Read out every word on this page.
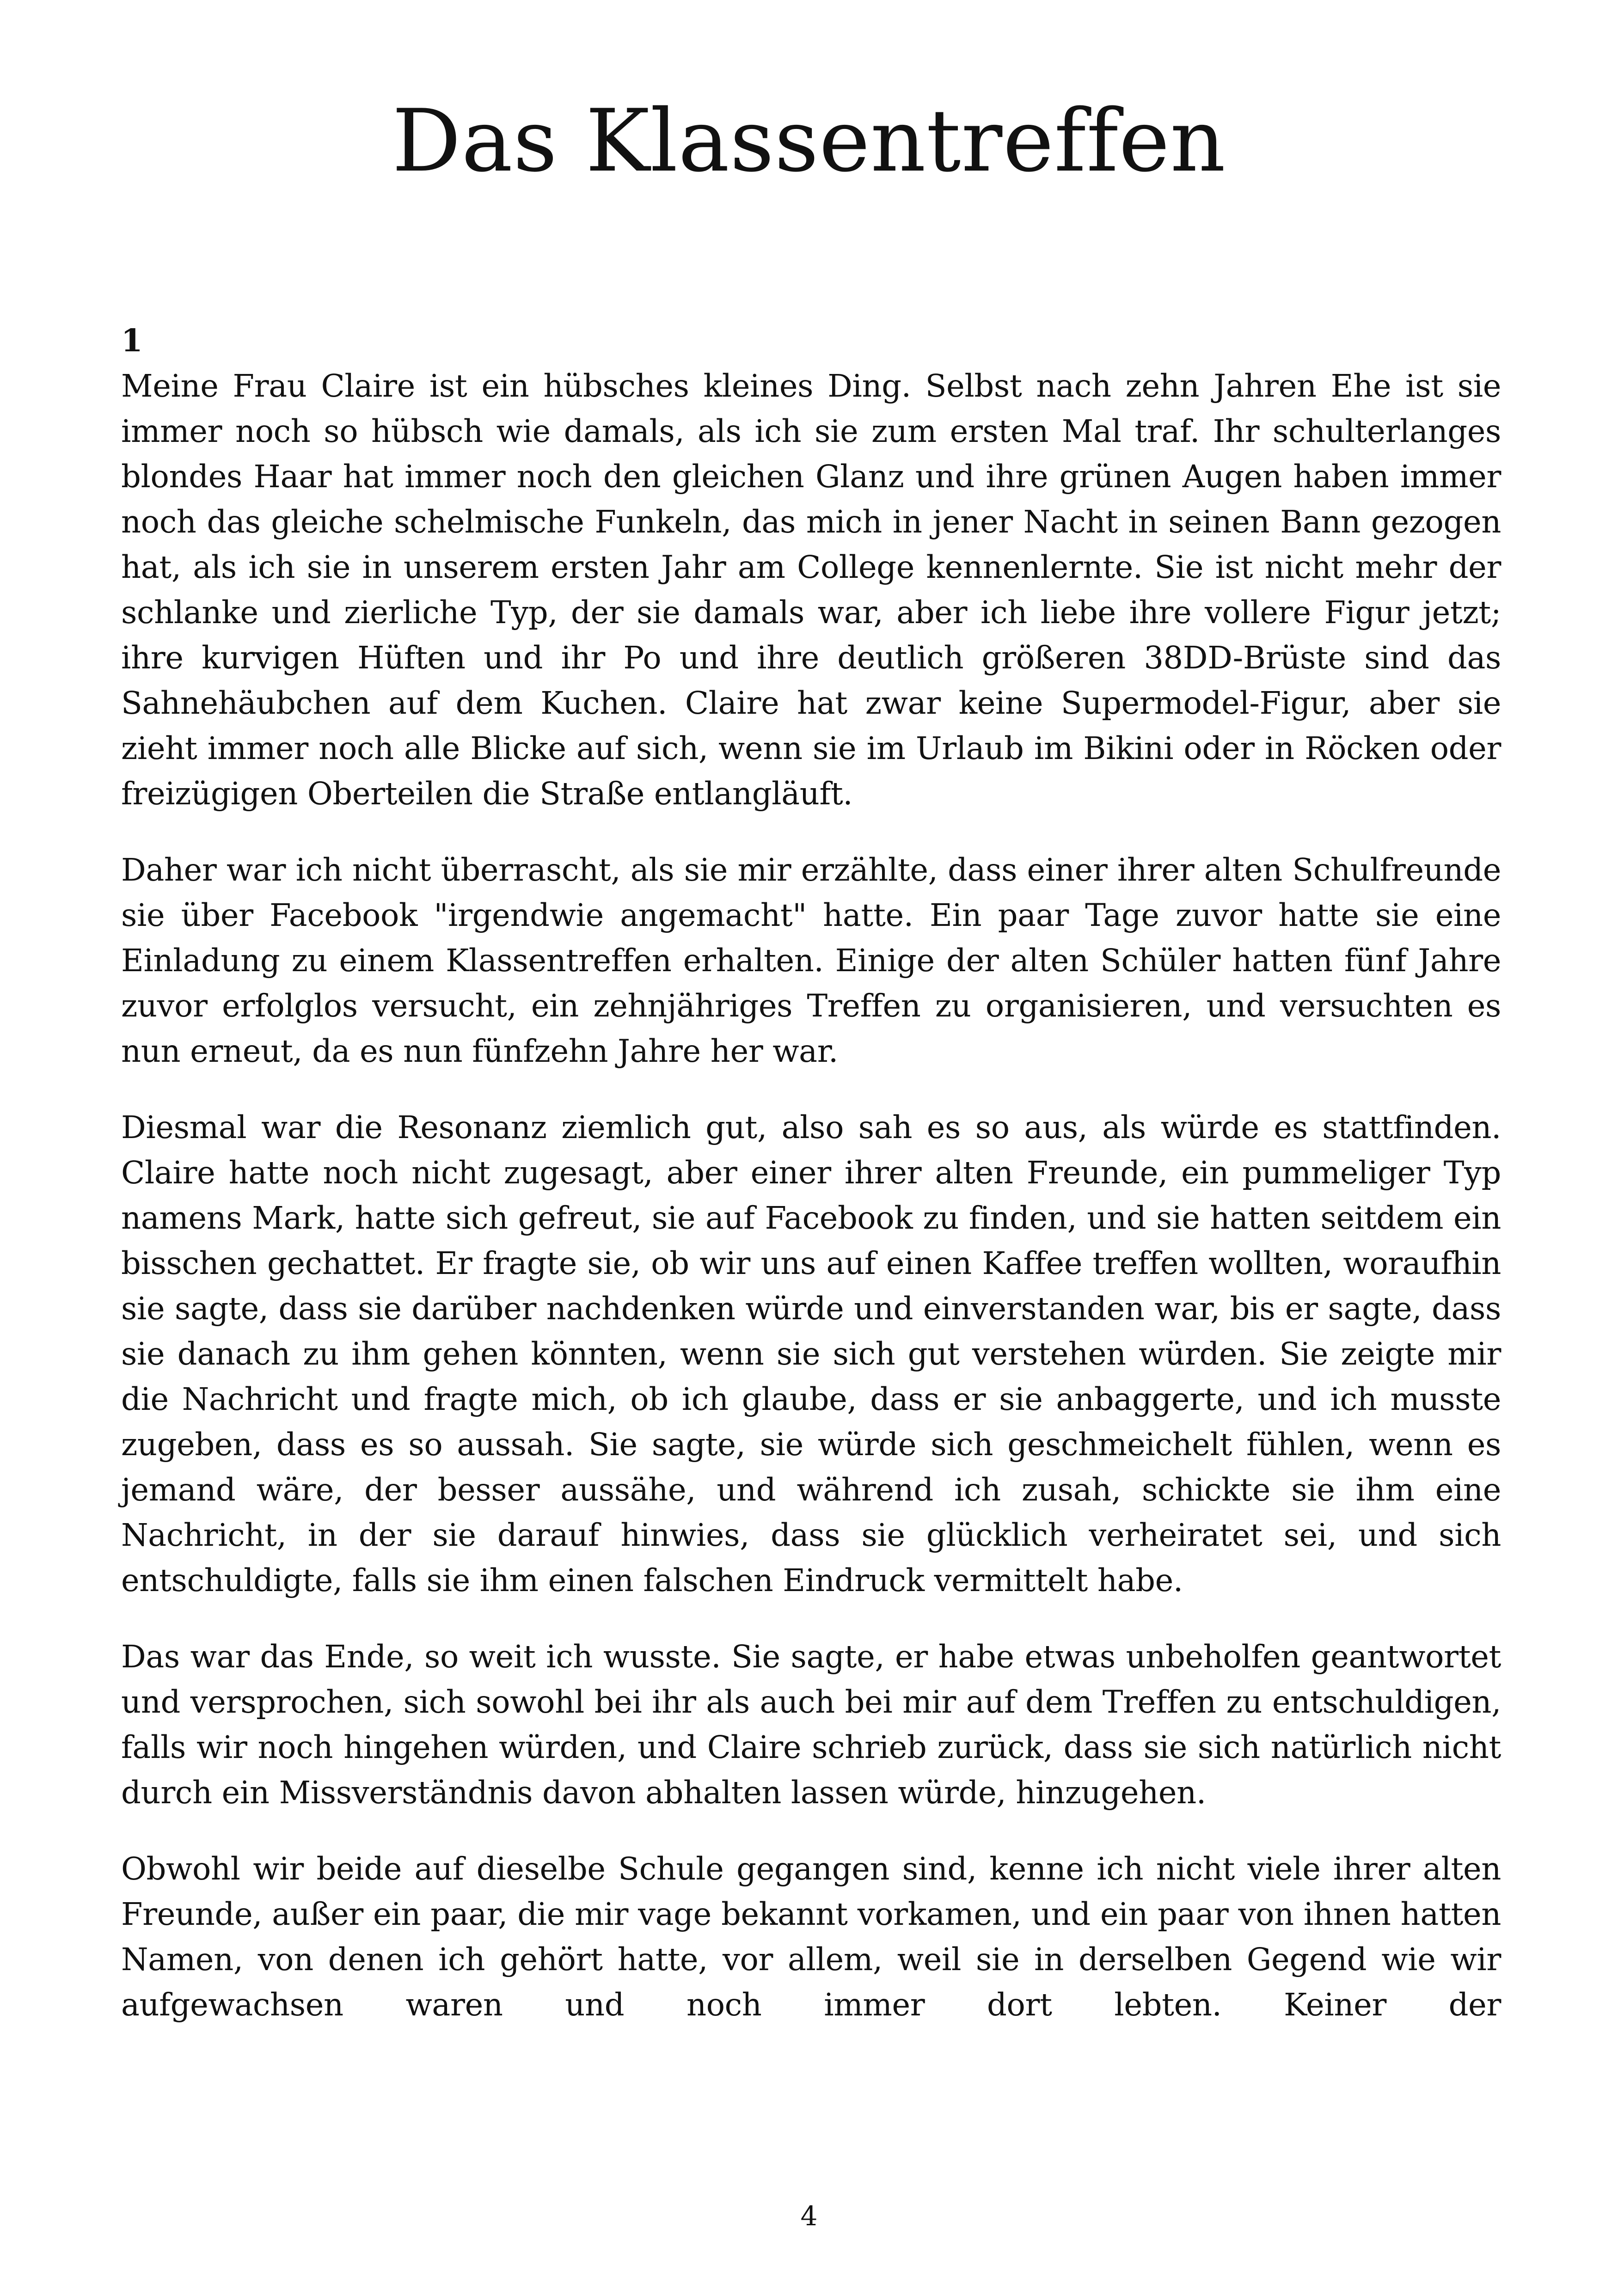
Das Klassentreffen

1

Meine Frau Claire ist ein hübsches kleines Ding. Selbst nach zehn Jahren Ehe ist sie immer noch so hübsch wie damals, als ich sie zum ersten Mal traf. Ihr schulterlanges blondes Haar hat immer noch den gleichen Glanz und ihre grünen Augen haben immer noch das gleiche schelmische Funkeln, das mich in jener Nacht in seinen Bann gezogen hat, als ich sie in unserem ersten Jahr am College kennenlernte. Sie ist nicht mehr der schlanke und zierliche Typ, der sie damals war, aber ich liebe ihre vollere Figur jetzt; ihre kurvigen Hüften und ihr Po und ihre deutlich größeren 38DD-Brüste sind das Sahnehäubchen auf dem Kuchen. Claire hat zwar keine Supermodel-Figur, aber sie zieht immer noch alle Blicke auf sich, wenn sie im Urlaub im Bikini oder in Röcken oder freizügigen Oberteilen die Straße entlangläuft.

Daher war ich nicht überrascht, als sie mir erzählte, dass einer ihrer alten Schulfreunde sie über Facebook "irgendwie angemacht" hatte. Ein paar Tage zuvor hatte sie eine Einladung zu einem Klassentreffen erhalten. Einige der alten Schüler hatten fünf Jahre zuvor erfolglos versucht, ein zehnjähriges Treffen zu organisieren, und versuchten es nun erneut, da es nun fünfzehn Jahre her war.

Diesmal war die Resonanz ziemlich gut, also sah es so aus, als würde es stattfinden. Claire hatte noch nicht zugesagt, aber einer ihrer alten Freunde, ein pummeliger Typ namens Mark, hatte sich gefreut, sie auf Facebook zu finden, und sie hatten seitdem ein bisschen gechattet. Er fragte sie, ob wir uns auf einen Kaffee treffen wollten, woraufhin sie sagte, dass sie darüber nachdenken würde und einverstanden war, bis er sagte, dass sie danach zu ihm gehen könnten, wenn sie sich gut verstehen würden. Sie zeigte mir die Nachricht und fragte mich, ob ich glaube, dass er sie anbaggerte, und ich musste zugeben, dass es so aussah. Sie sagte, sie würde sich geschmeichelt fühlen, wenn es jemand wäre, der besser aussähe, und während ich zusah, schickte sie ihm eine Nachricht, in der sie darauf hinwies, dass sie glücklich verheiratet sei, und sich entschuldigte, falls sie ihm einen falschen Eindruck vermittelt habe.

Das war das Ende, so weit ich wusste. Sie sagte, er habe etwas unbeholfen geantwortet und versprochen, sich sowohl bei ihr als auch bei mir auf dem Treffen zu entschuldigen, falls wir noch hingehen würden, und Claire schrieb zurück, dass sie sich natürlich nicht durch ein Missverständnis davon abhalten lassen würde, hinzugehen.

Obwohl wir beide auf dieselbe Schule gegangen sind, kenne ich nicht viele ihrer alten Freunde, außer ein paar, die mir vage bekannt vorkamen, und ein paar von ihnen hatten Namen, von denen ich gehört hatte, vor allem, weil sie in derselben Gegend wie wir aufgewachsen waren und noch immer dort lebten. Keiner der

4
